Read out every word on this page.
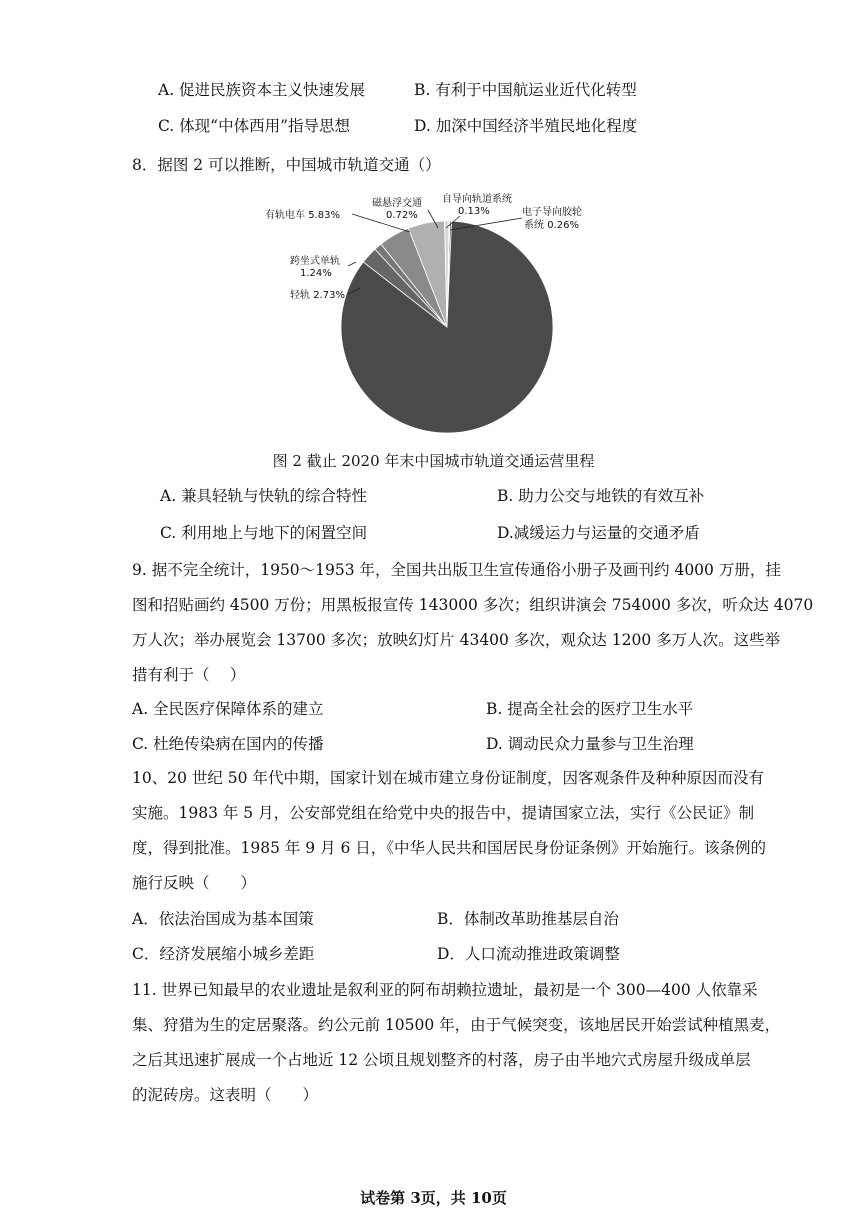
A. 促进民族资本主义快速发展	B. 有利于中国航运业近代化转型
C. 体现“中体西用”指导思想	D. 加深中国经济半殖民地化程度
8．据图 2 可以推断，中国城市轨道交通（）
有轨电车 5.83%
磁悬浮交通
0.72%
自导向轨道系统
0.13%	电子导向胶轮
系统 0.26%
跨坐式单轨
1.24%
轻轨 2.73%
图 2 截止 2020 年末中国城市轨道交通运营里程
A. 兼具轻轨与快轨的综合特性	B. 助力公交与地铁的有效互补
C. 利用地上与地下的闲置空间	D.减缓运力与运量的交通矛盾
9. 据不完全统计，1950～1953 年，全国共出版卫生宣传通俗小册子及画刊约 4000 万册，挂
图和招贴画约 4500 万份；用黑板报宣传 143000 多次；组织讲演会 754000 多次，听众达 4070
万人次；举办展览会 13700 多次；放映幻灯片 43400 多次，观众达 1200 多万人次。这些举
措有利于（　 ）
A. 全民医疗保障体系的建立	B. 提高全社会的医疗卫生水平
C. 杜绝传染病在国内的传播	D. 调动民众力量参与卫生治理
10、20 世纪 50 年代中期，国家计划在城市建立身份证制度，因客观条件及种种原因而没有
实施。1983 年 5 月，公安部党组在给党中央的报告中，提请国家立法，实行《公民证》制
度，得到批准。1985 年 9 月 6 日，《中华人民共和国居民身份证条例》开始施行。该条例的
施行反映（　　）
A．依法治国成为基本国策	B．体制改革助推基层自治
C．经济发展缩小城乡差距	D．人口流动推进政策调整
11. 世界已知最早的农业遗址是叙利亚的阿布胡赖拉遗址，最初是一个 300—400 人依靠采
集、狩猎为生的定居聚落。约公元前 10500 年，由于气候突变，该地居民开始尝试种植黑麦，
之后其迅速扩展成一个占地近 12 公顷且规划整齐的村落，房子由半地穴式房屋升级成单层
的泥砖房。这表明（　　）
试卷第 3页，共 10页
